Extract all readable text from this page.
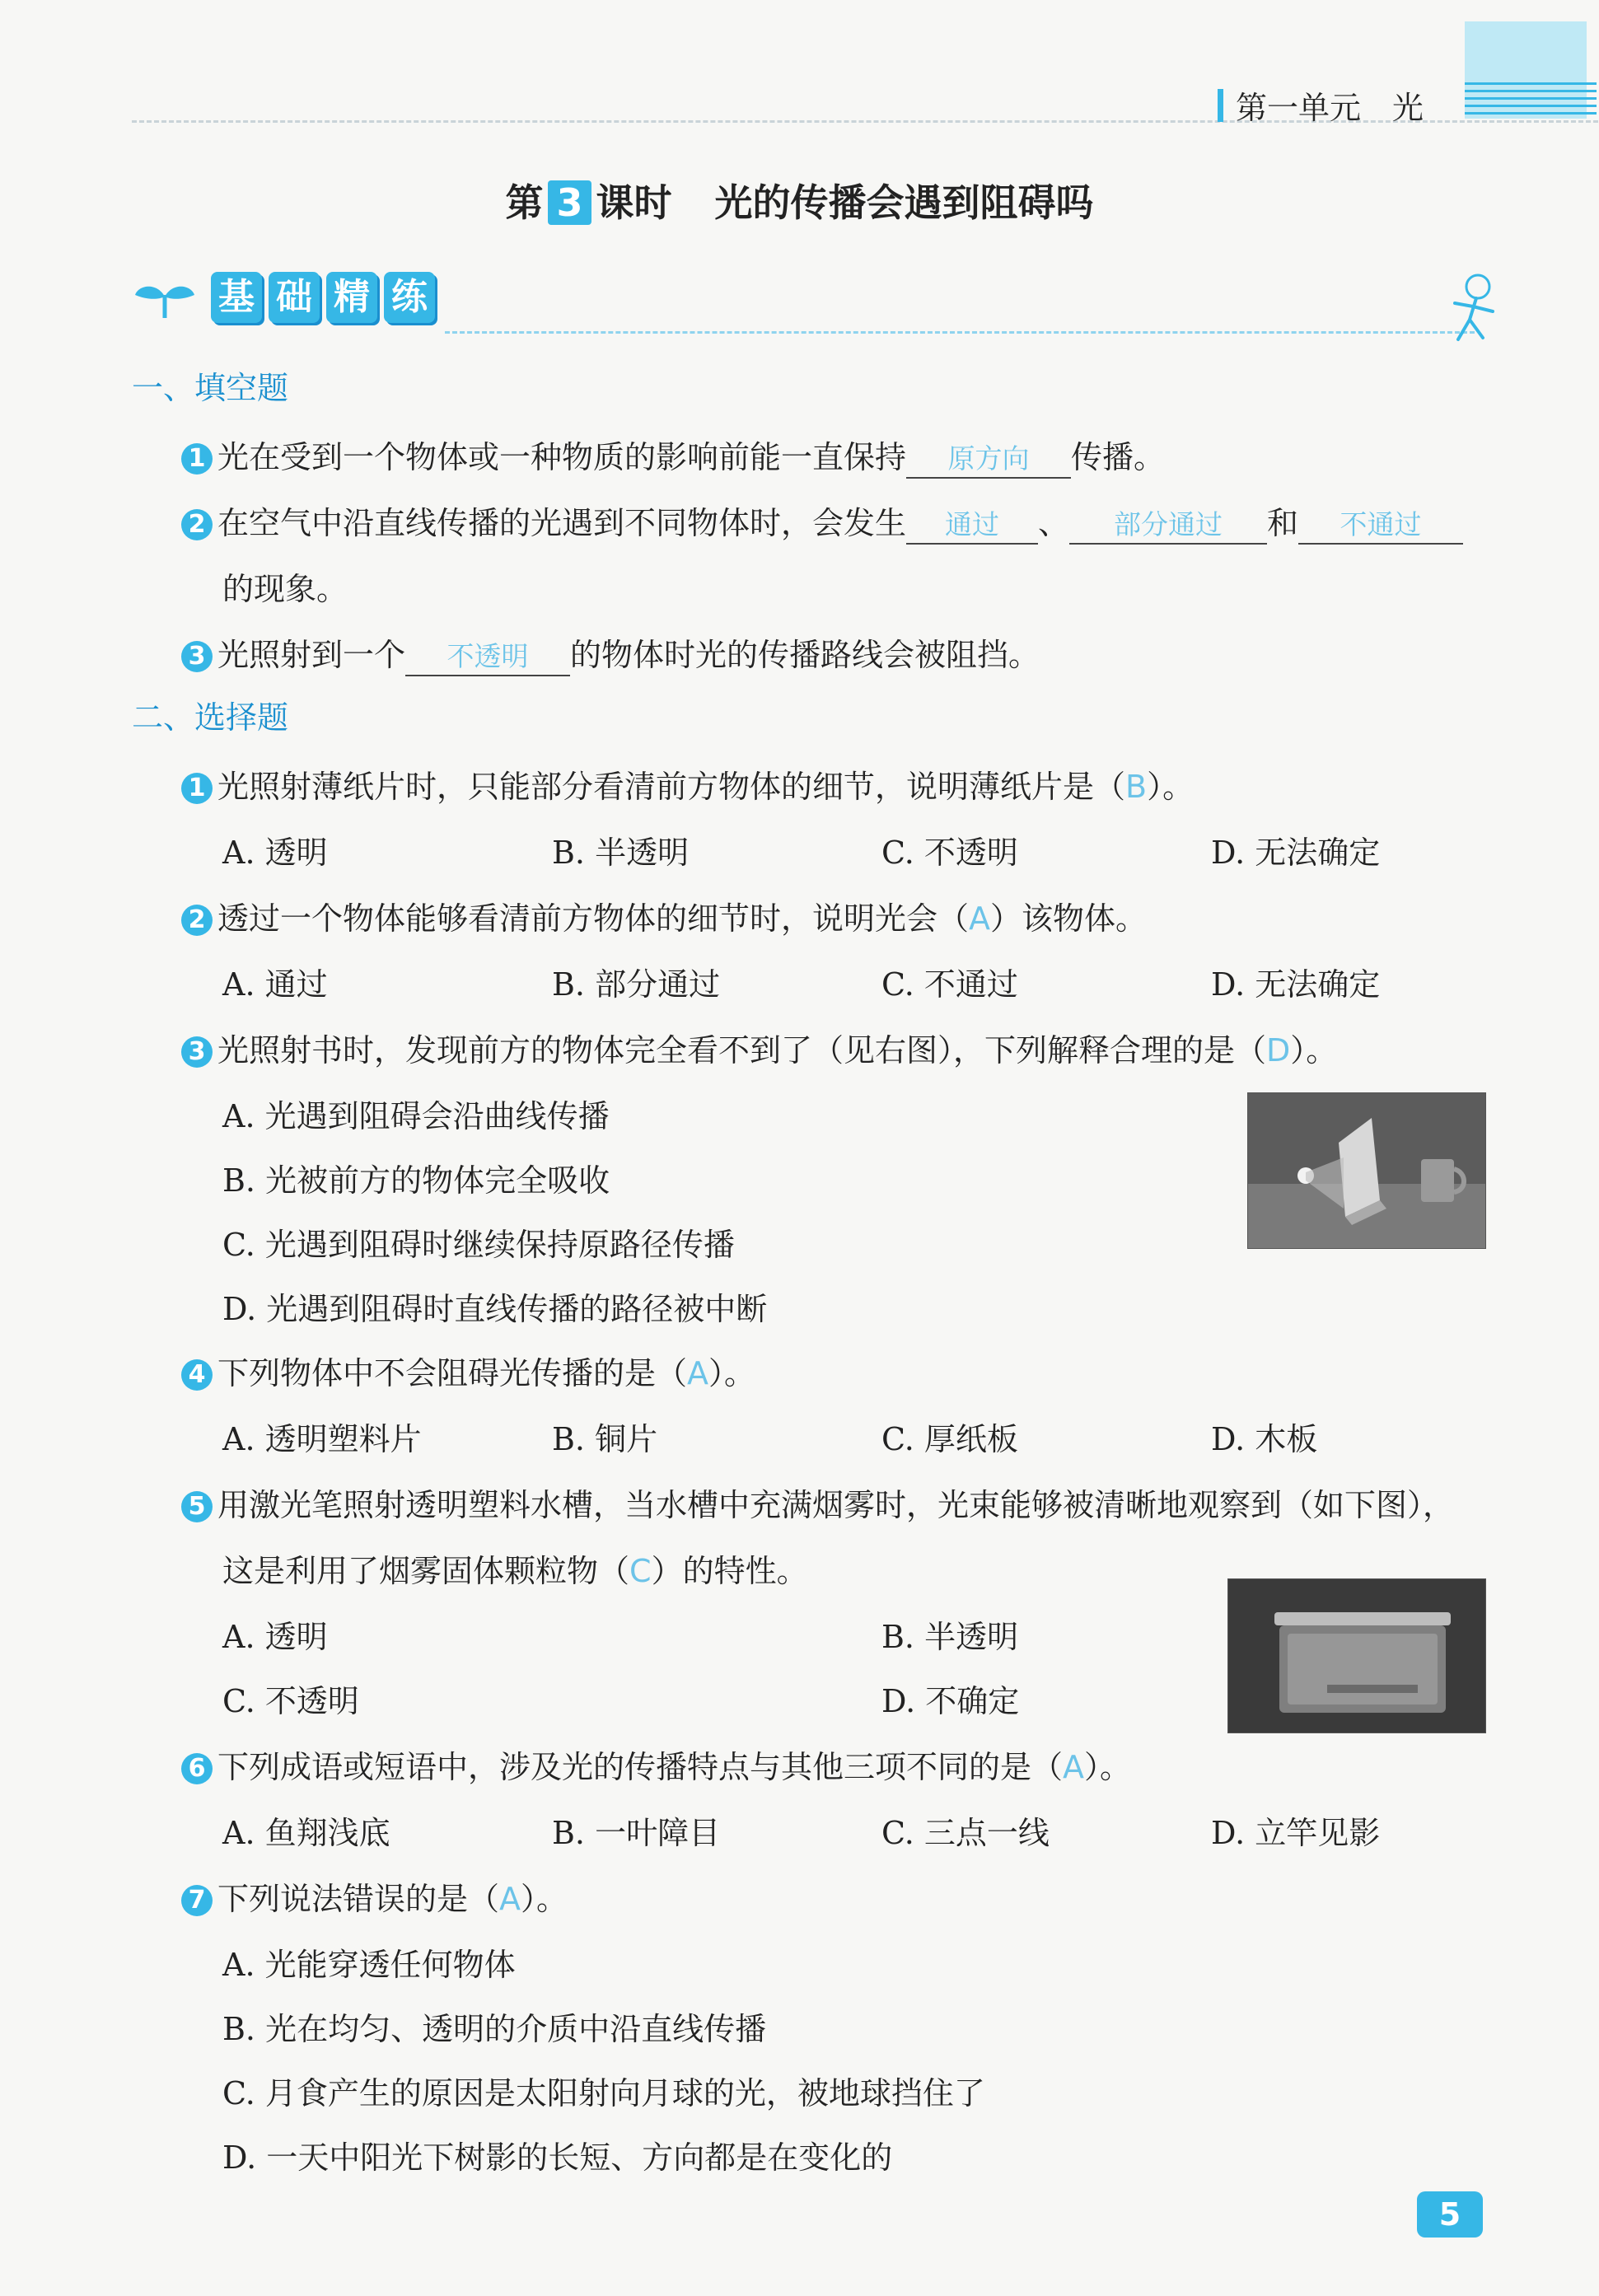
第一单元　光
第 3 课时 光的传播会遇到阻碍吗
基 础 精 练
一、填空题
1 光在受到一个物体或一种物质的影响前能一直保持 原方向 传播。
2 在空气中沿直线传播的光遇到不同物体时，会发生 通过 、 部分通过 和 不通过
的现象。
3 光照射到一个 不透明 的物体时光的传播路线会被阻挡。
二、选择题
1 光照射薄纸片时，只能部分看清前方物体的细节，说明薄纸片是（B）。
A. 透明	B. 半透明	C. 不透明	D. 无法确定
2 透过一个物体能够看清前方物体的细节时，说明光会（A）该物体。
A. 通过	B. 部分通过	C. 不通过	D. 无法确定
3 光照射书时，发现前方的物体完全看不到了（见右图），下列解释合理的是（D）。
A. 光遇到阻碍会沿曲线传播
B. 光被前方的物体完全吸收
C. 光遇到阻碍时继续保持原路径传播
D. 光遇到阻碍时直线传播的路径被中断
4 下列物体中不会阻碍光传播的是（A）。
A. 透明塑料片	B. 铜片	C. 厚纸板	D. 木板
5 用激光笔照射透明塑料水槽，当水槽中充满烟雾时，光束能够被清晰地观察到（如下图），
这是利用了烟雾固体颗粒物（C）的特性。
A. 透明	B. 半透明
C. 不透明	D. 不确定
6 下列成语或短语中，涉及光的传播特点与其他三项不同的是（A）。
A. 鱼翔浅底	B. 一叶障目	C. 三点一线	D. 立竿见影
7 下列说法错误的是（A）。
A. 光能穿透任何物体
B. 光在均匀、透明的介质中沿直线传播
C. 月食产生的原因是太阳射向月球的光，被地球挡住了
D. 一天中阳光下树影的长短、方向都是在变化的
5
